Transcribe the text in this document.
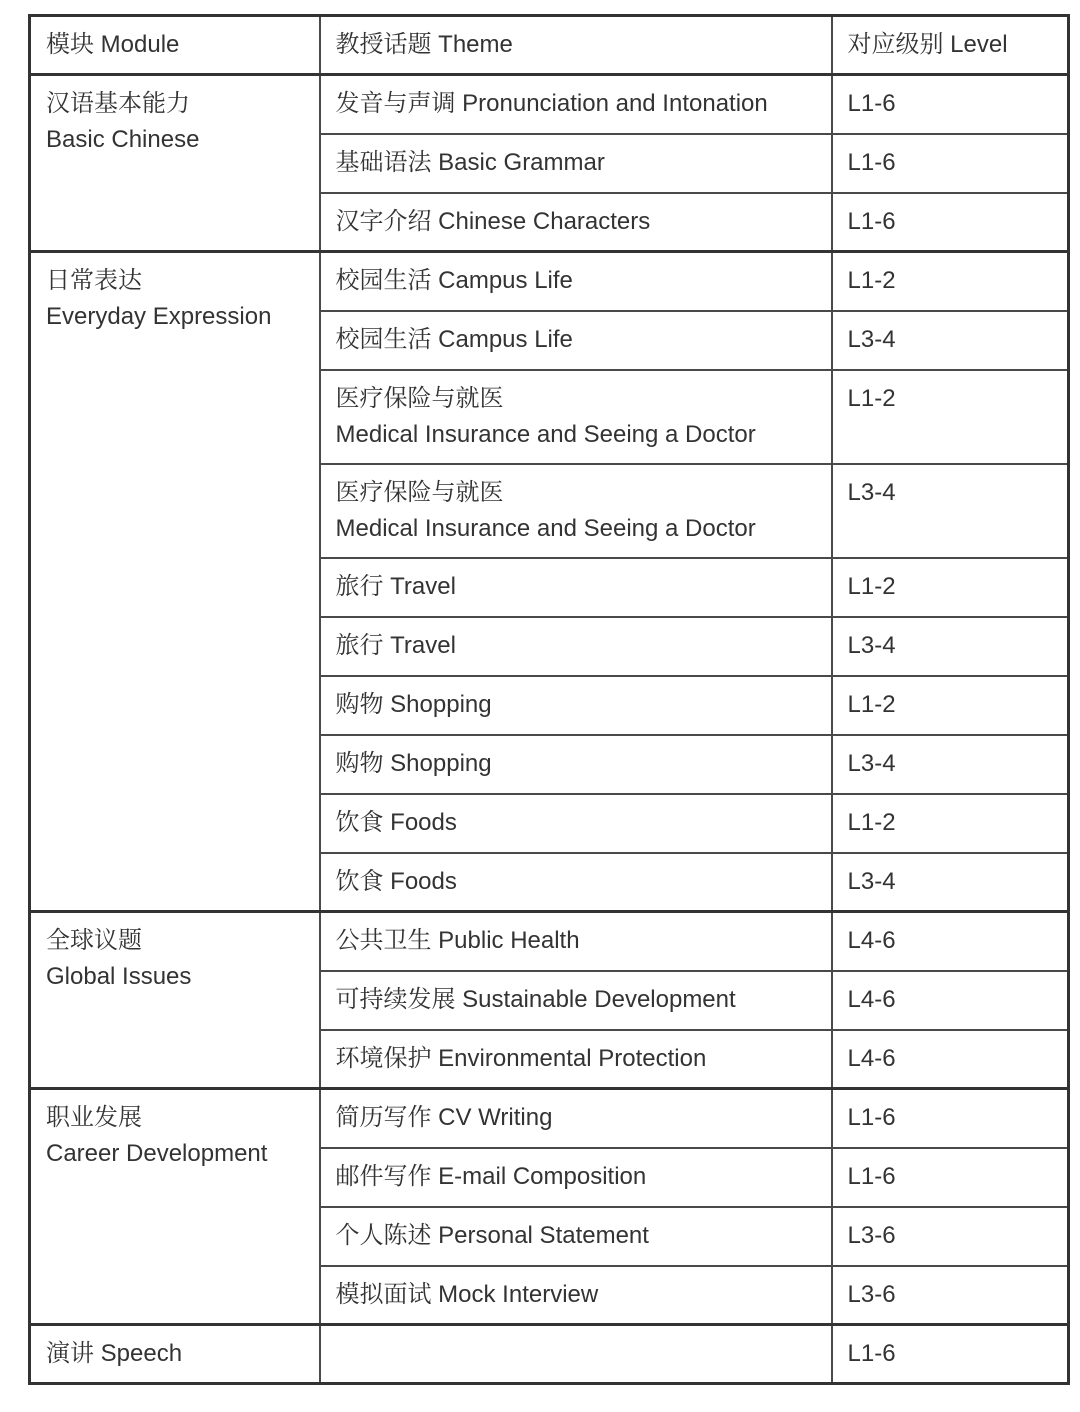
模块 Module	教授话题 Theme	对应级别 Level

汉语基本能力
Basic Chinese	发音与声调 Pronunciation and Intonation	L1-6

	基础语法 Basic Grammar	L1-6

	汉字介绍 Chinese Characters	L1-6

日常表达
Everyday Expression	校园生活 Campus Life	L1-2

	校园生活 Campus Life	L3-4

	医疗保险与就医
Medical Insurance and Seeing a Doctor	L1-2

	医疗保险与就医
Medical Insurance and Seeing a Doctor	L3-4

	旅行 Travel	L1-2

	旅行 Travel	L3-4

	购物 Shopping	L1-2

	购物 Shopping	L3-4

	饮食 Foods	L1-2

	饮食 Foods	L3-4

全球议题
Global Issues	公共卫生 Public Health	L4-6

	可持续发展 Sustainable Development	L4-6

	环境保护 Environmental Protection	L4-6

职业发展
Career Development	简历写作 CV Writing	L1-6

	邮件写作 E-mail Composition	L1-6

	个人陈述 Personal Statement	L3-6

	模拟面试 Mock Interview	L3-6

演讲 Speech		L1-6
